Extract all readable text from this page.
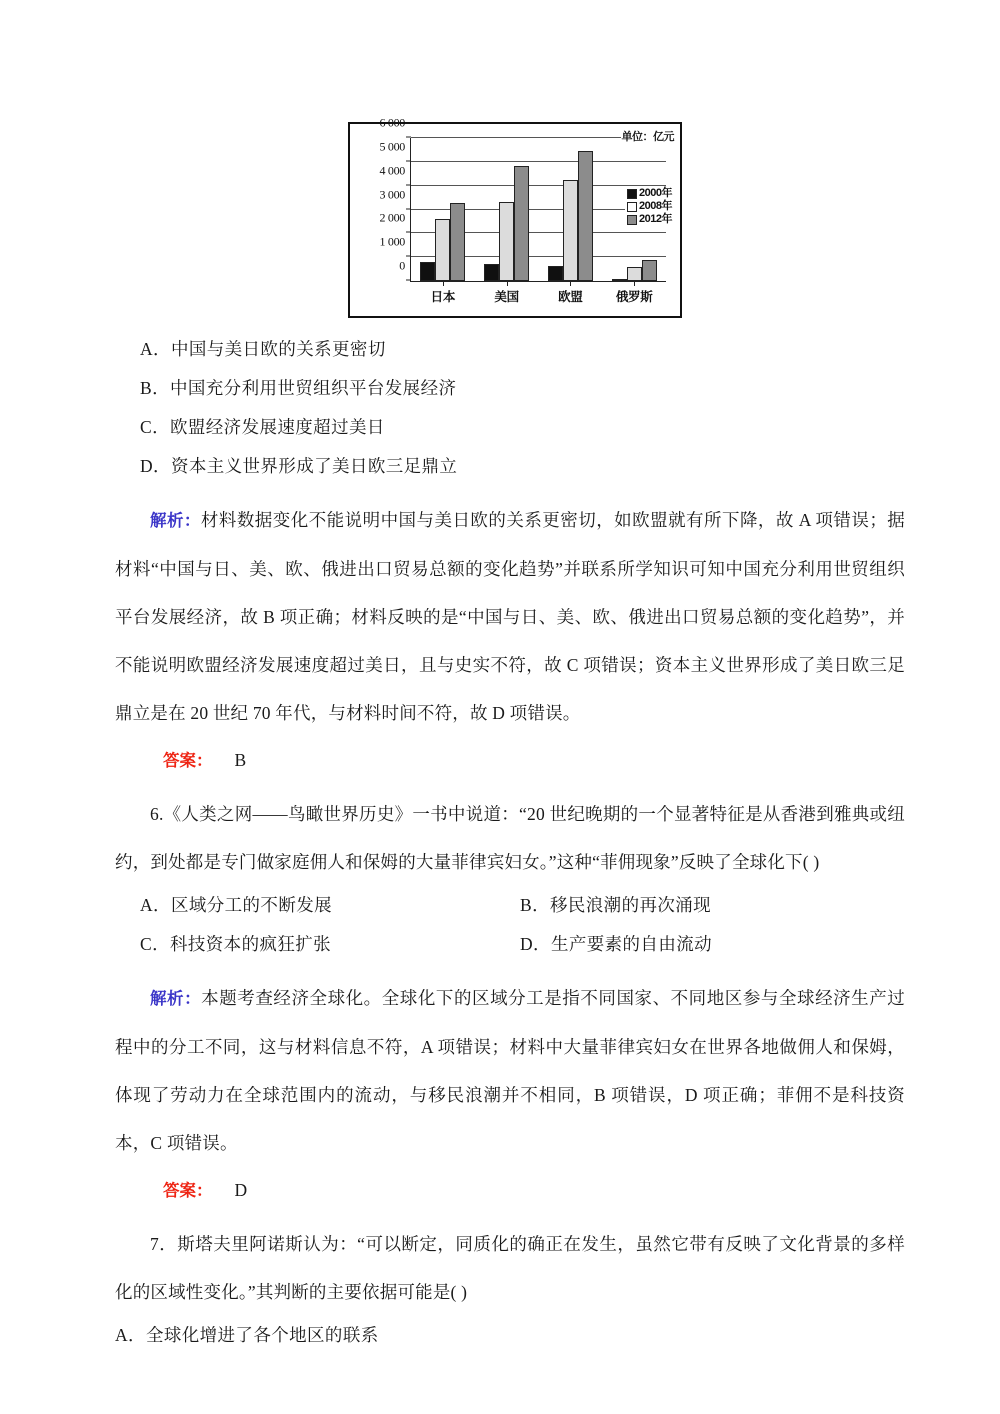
单位：亿元
日本	美国	欧盟	俄罗斯
0
1 000
2 000
3 000
4 000
5 000
6 000
2000年
2008年
2012年
A．中国与美日欧的关系更密切
B．中国充分利用世贸组织平台发展经济
C．欧盟经济发展速度超过美日
D．资本主义世界形成了美日欧三足鼎立
解析：材料数据变化不能说明中国与美日欧的关系更密切，如欧盟就有所下降，故 A 项错误；据材料“中国与日、美、欧、俄进出口贸易总额的变化趋势”并联系所学知识可知中国充分利用世贸组织平台发展经济，故 B 项正确；材料反映的是“中国与日、美、欧、俄进出口贸易总额的变化趋势”，并不能说明欧盟经济发展速度超过美日，且与史实不符，故 C 项错误；资本主义世界形成了美日欧三足鼎立是在 20 世纪 70 年代，与材料时间不符，故 D 项错误。
答案： B
6.《人类之网——鸟瞰世界历史》一书中说道：“20 世纪晚期的一个显著特征是从香港到雅典或纽约，到处都是专门做家庭佣人和保姆的大量菲律宾妇女。”这种“菲佣现象”反映了全球化下( )
A．区域分工的不断发展	B．移民浪潮的再次涌现
C．科技资本的疯狂扩张	D．生产要素的自由流动
解析：本题考查经济全球化。全球化下的区域分工是指不同国家、不同地区参与全球经济生产过程中的分工不同，这与材料信息不符，A 项错误；材料中大量菲律宾妇女在世界各地做佣人和保姆，体现了劳动力在全球范围内的流动，与移民浪潮并不相同，B 项错误，D 项正确；菲佣不是科技资本，C 项错误。
答案： D
7．斯塔夫里阿诺斯认为：“可以断定，同质化的确正在发生，虽然它带有反映了文化背景的多样化的区域性变化。”其判断的主要依据可能是( )
A．全球化增进了各个地区的联系
